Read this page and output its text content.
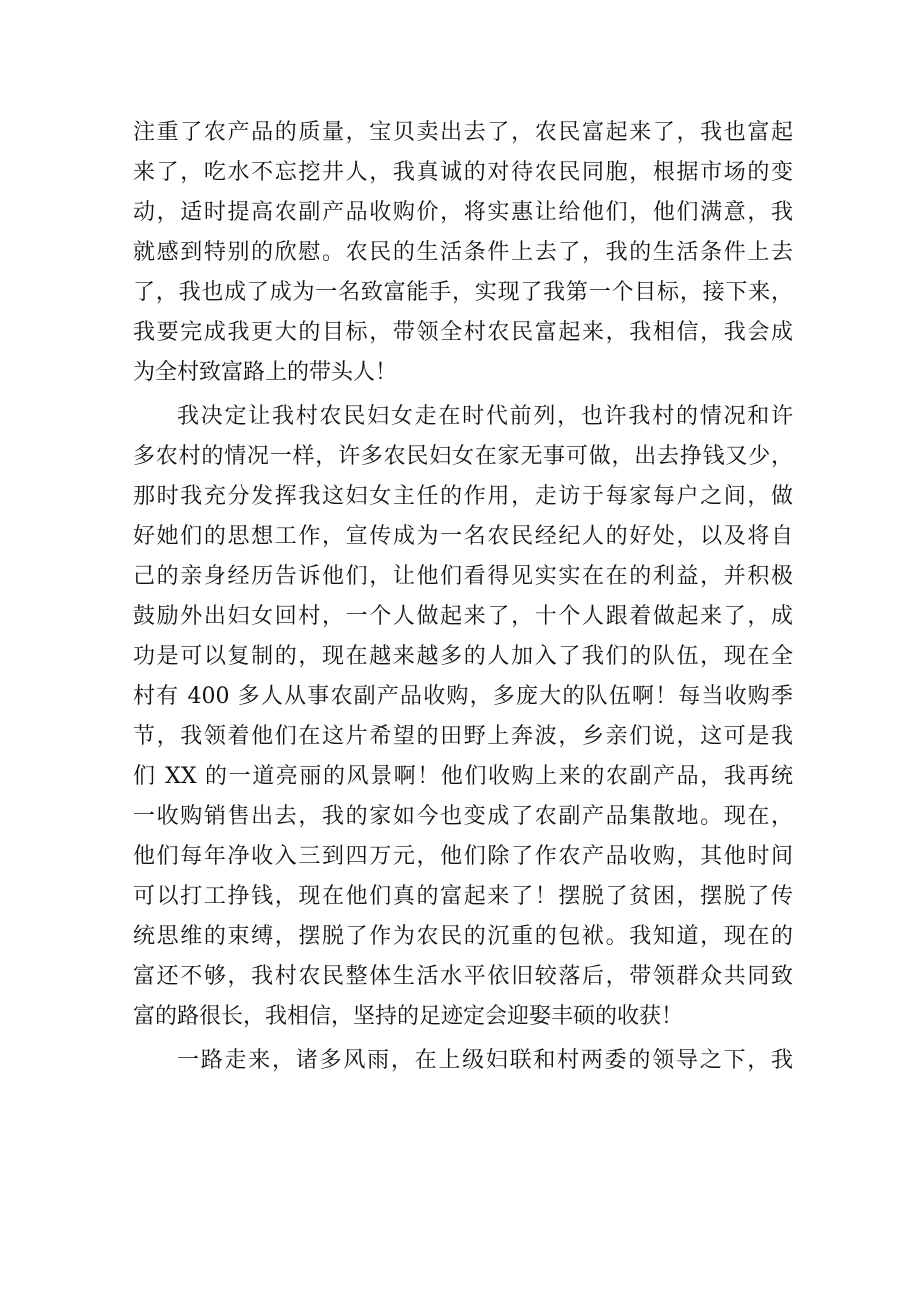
注重了农产品的质量，宝贝卖出去了，农民富起来了，我也富起
来了，吃水不忘挖井人，我真诚的对待农民同胞，根据市场的变
动，适时提高农副产品收购价，将实惠让给他们，他们满意，我
就感到特别的欣慰。农民的生活条件上去了，我的生活条件上去
了，我也成了成为一名致富能手，实现了我第一个目标，接下来，
我要完成我更大的目标，带领全村农民富起来，我相信，我会成
为全村致富路上的带头人！
我决定让我村农民妇女走在时代前列，也许我村的情况和许
多农村的情况一样，许多农民妇女在家无事可做，出去挣钱又少，
那时我充分发挥我这妇女主任的作用，走访于每家每户之间，做
好她们的思想工作，宣传成为一名农民经纪人的好处，以及将自
己的亲身经历告诉他们，让他们看得见实实在在的利益，并积极
鼓励外出妇女回村，一个人做起来了，十个人跟着做起来了，成
功是可以复制的，现在越来越多的人加入了我们的队伍，现在全
村有 400 多人从事农副产品收购，多庞大的队伍啊！每当收购季
节，我领着他们在这片希望的田野上奔波，乡亲们说，这可是我
们 XX 的一道亮丽的风景啊！他们收购上来的农副产品，我再统
一收购销售出去，我的家如今也变成了农副产品集散地。现在，
他们每年净收入三到四万元，他们除了作农产品收购，其他时间
可以打工挣钱，现在他们真的富起来了！摆脱了贫困，摆脱了传
统思维的束缚，摆脱了作为农民的沉重的包袱。我知道，现在的
富还不够，我村农民整体生活水平依旧较落后，带领群众共同致
富的路很长，我相信，坚持的足迹定会迎娶丰硕的收获！
一路走来，诸多风雨，在上级妇联和村两委的领导之下，我
